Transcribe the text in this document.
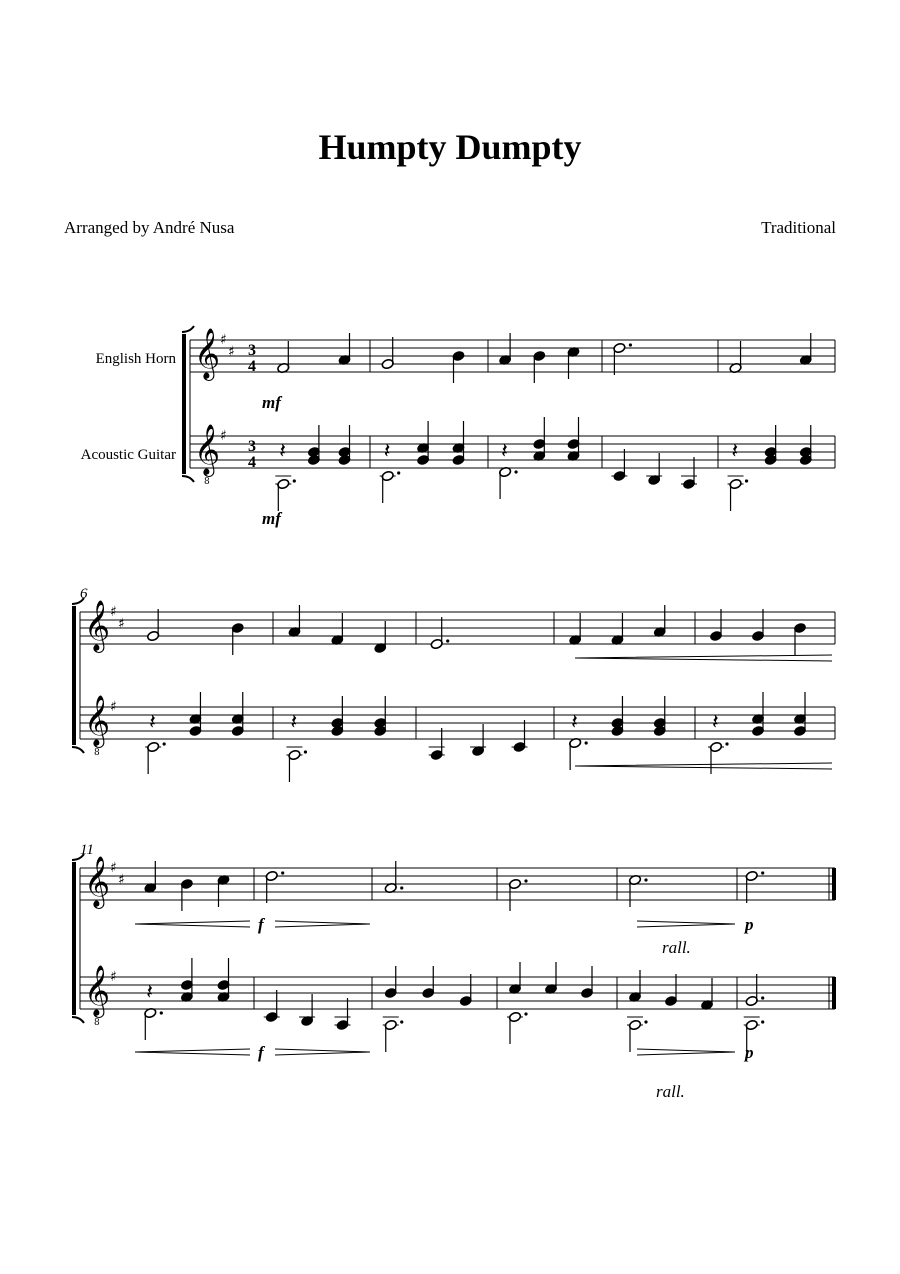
Humpty Dumpty
Arranged by André Nusa	Traditional
𝄞
𝄞
8
♯
♯
♯
3
4
3
4
English Horn
Acoustic Guitar	𝄽	𝄽	𝄽	𝄽
𝄞
𝄞
8
♯
♯
♯
6
𝄽	𝄽	𝄽	𝄽
𝄞
𝄞
8
♯
♯
♯
11
𝄽
mf
mf
f	p
rall.
f	p
rall.
